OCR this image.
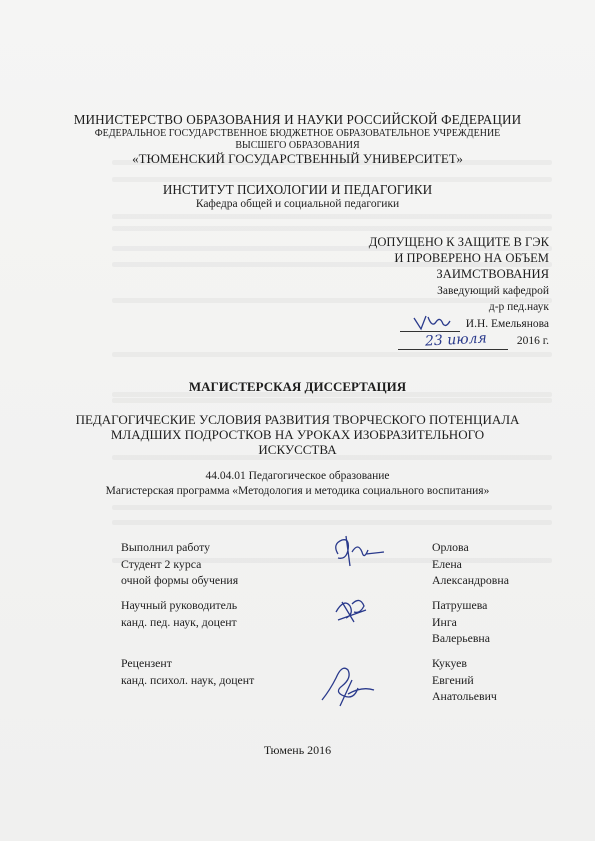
МИНИСТЕРСТВО ОБРАЗОВАНИЯ И НАУКИ РОССИЙСКОЙ ФЕДЕРАЦИИ
ФЕДЕРАЛЬНОЕ ГОСУДАРСТВЕННОЕ БЮДЖЕТНОЕ ОБРАЗОВАТЕЛЬНОЕ УЧРЕЖДЕНИЕ
ВЫСШЕГО ОБРАЗОВАНИЯ
«ТЮМЕНСКИЙ ГОСУДАРСТВЕННЫЙ УНИВЕРСИТЕТ»
ИНСТИТУТ ПСИХОЛОГИИ И ПЕДАГОГИКИ
Кафедра общей и социальной педагогики
ДОПУЩЕНО К ЗАЩИТЕ В ГЭК
И ПРОВЕРЕНО НА ОБЪЕМ
ЗАИМСТВОВАНИЯ
Заведующий кафедрой
д-р пед.наук
И.Н. Емельянова
2016 г.
23 июля
МАГИСТЕРСКАЯ ДИССЕРТАЦИЯ
ПЕДАГОГИЧЕСКИЕ УСЛОВИЯ РАЗВИТИЯ ТВОРЧЕСКОГО ПОТЕНЦИАЛА
МЛАДШИХ ПОДРОСТКОВ НА УРОКАХ ИЗОБРАЗИТЕЛЬНОГО
ИСКУССТВА
44.04.01 Педагогическое образование
Магистерская программа «Методология и методика социального воспитания»
Выполнил работу
Студент 2 курса
очной формы обучения
Орлова
Елена
Александровна
Научный руководитель
канд. пед. наук, доцент
Патрушева
Инга
Валерьевна
Рецензент
канд. психол. наук, доцент
Кукуев
Евгений
Анатольевич
Тюмень 2016
